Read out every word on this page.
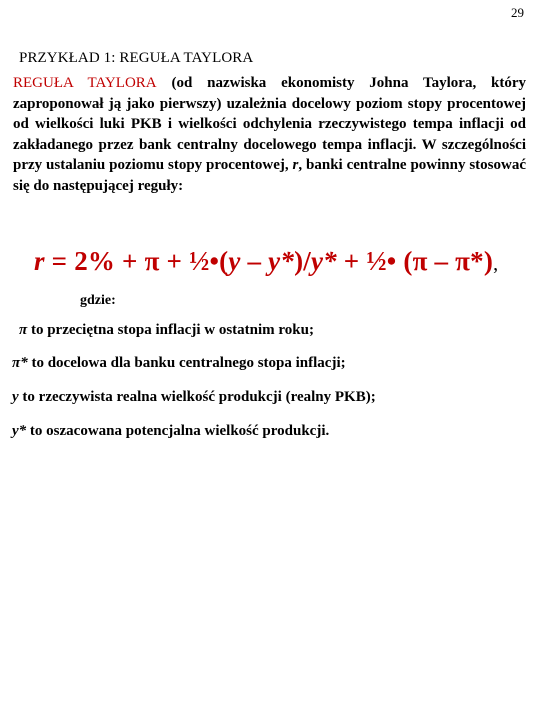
29
PRZYKŁAD 1: REGUŁA TAYLORA
REGUŁA TAYLORA (od nazwiska ekonomisty Johna Taylora, który zaproponował ją jako pierwszy) uzależnia docelowy poziom stopy procentowej od wielkości luki PKB i wielkości odchylenia rzeczywistego tempa inflacji od zakładanego przez bank centralny docelowego tempa inflacji. W szczególności przy ustalaniu poziomu stopy procentowej, r, banki centralne powinny stosować się do następującej reguły:
r = 2% + π + ½•(y – y*)/y* + ½• (π – π*),
gdzie:
π to przeciętna stopa inflacji w ostatnim roku;
π* to docelowa dla banku centralnego stopa inflacji;
y to rzeczywista realna wielkość produkcji (realny PKB);
y* to oszacowana potencjalna wielkość produkcji.
